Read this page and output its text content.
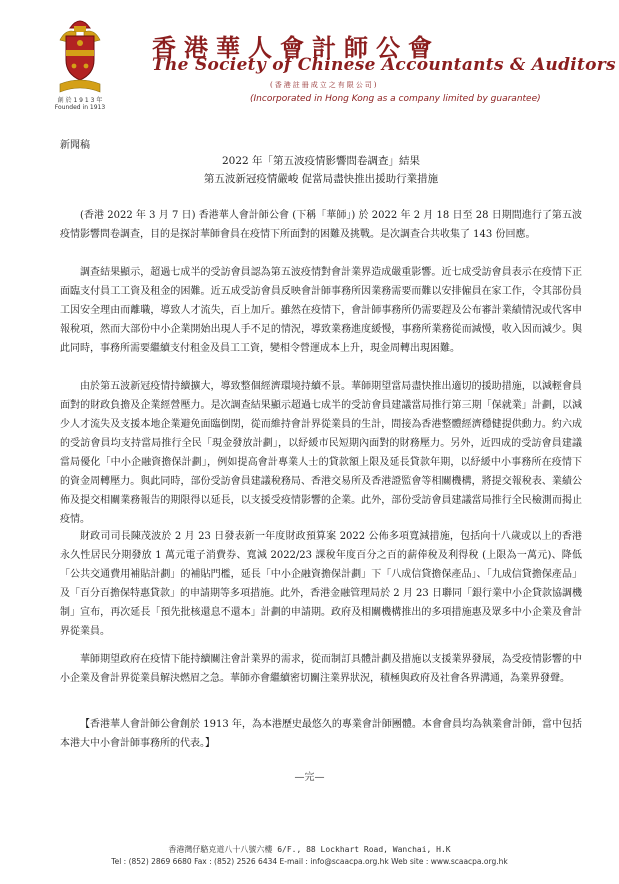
創 於 1 9 1 3 年
Founded in 1913
香港華人會計師公會
The Society of Chinese Accountants & Auditors
(香港註冊成立之有限公司)
(Incorporated in Hong Kong as a company limited by guarantee)
新聞稿
2022 年「第五波疫情影響問卷調查」結果
第五波新冠疫情嚴峻 促當局盡快推出援助行業措施

(香港 2022 年 3 月 7 日) 香港華人會計師公會 (下稱「華師」) 於 2022 年 2 月 18 日至 28 日期間進行了第五波疫情影響問卷調查，目的是探討華師會員在疫情下所面對的困難及挑戰。是次調查合共收集了 143 份回應。

調查結果顯示，超過七成半的受訪會員認為第五波疫情對會計業界造成嚴重影響。近七成受訪會員表示在疫情下正面臨支付員工工資及租金的困難。近五成受訪會員反映會計師事務所因業務需要而難以安排僱員在家工作，令其部份員工因安全理由而離職，導致人才流失，百上加斤。雖然在疫情下，會計師事務所仍需要趕及公布審計業績情況或代客申報稅項，然而大部份中小企業開始出現人手不足的情況，導致業務進度緩慢，事務所業務從而減慢，收入因而減少。與此同時，事務所需要繼續支付租金及員工工資，變相令營運成本上升，現金周轉出現困難。

由於第五波新冠疫情持續擴大，導致整個經濟環境持續不景。華師期望當局盡快推出適切的援助措施，以減輕會員面對的財政負擔及企業經營壓力。是次調查結果顯示超過七成半的受訪會員建議當局推行第三期「保就業」計劃，以減少人才流失及支援本地企業避免面臨倒閉，從而維持會計界從業員的生計，間接為香港整體經濟穩健提供動力。約六成的受訪會員均支持當局推行全民「現金發放計劃」，以紓緩市民短期內面對的財務壓力。另外，近四成的受訪會員建議當局優化「中小企融資擔保計劃」，例如提高會計專業人士的貸款額上限及延長貸款年期，以紓緩中小事務所在疫情下的資金周轉壓力。與此同時，部份受訪會員建議稅務局、香港交易所及香港證監會等相關機構，將提交報稅表、業績公佈及提交相關業務報告的期限得以延長，以支援受疫情影響的企業。此外，部份受訪會員建議當局推行全民檢測而揭止疫情。

財政司司長陳茂波於 2 月 23 日發表新一年度財政預算案 2022 公佈多項寬減措施，包括向十八歲或以上的香港永久性居民分期發放 1 萬元電子消費券、寬減 2022/23 課稅年度百分之百的薪俸稅及利得稅 (上限為一萬元)、降低「公共交通費用補貼計劃」的補貼門檻，延長「中小企融資擔保計劃」下「八成信貸擔保產品」、「九成信貸擔保產品」及「百分百擔保特惠貸款」的申請期等多項措施。此外，香港金融管理局於 2 月 23 日聯同「銀行業中小企貸款協調機制」宣布，再次延長「預先批核還息不還本」計劃的申請期。政府及相關機構推出的多項措施惠及眾多中小企業及會計界從業員。

華師期望政府在疫情下能持續關注會計業界的需求，從而制訂具體計劃及措施以支援業界發展，為受疫情影響的中小企業及會計界從業員解決燃眉之急。華師亦會繼續密切關注業界狀況，積極與政府及社會各界溝通，為業界發聲。

【香港華人會計師公會創於 1913 年，為本港歷史最悠久的專業會計師團體。本會會員均為執業會計師，當中包括本港大中小會計師事務所的代表。】

—完—
香港灣仔駱克道八十八號六樓 6/F., 88 Lockhart Road, Wanchai, H.K
Tel : (852) 2869 6680 Fax : (852) 2526 6434 E-mail : info@scaacpa.org.hk Web site : www.scaacpa.org.hk
